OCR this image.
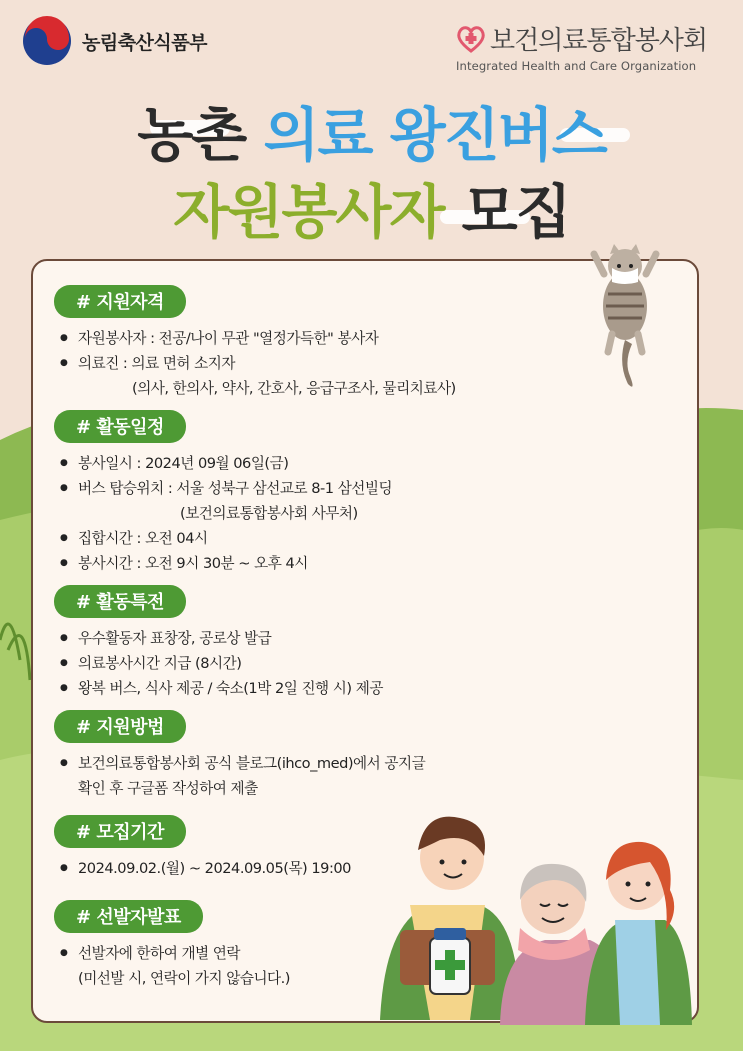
농림축산식품부	보건의료통합봉사회
Integrated Health and Care Organization
농촌 의료 왕진버스
자원봉사자 모집
# 지원자격
● 자원봉사자 : 전공/나이 무관 "열정가득한" 봉사자
● 의료진 : 의료 면허 소지자
(의사, 한의사, 약사, 간호사, 응급구조사, 물리치료사)
# 활동일정
● 봉사일시 : 2024년 09월 06일(금)
● 버스 탑승위치 : 서울 성북구 삼선교로 8-1 삼선빌딩
(보건의료통합봉사회 사무처)
● 집합시간 : 오전 04시
● 봉사시간 : 오전 9시 30분 ~ 오후 4시
# 활동특전
● 우수활동자 표창장, 공로상 발급
● 의료봉사시간 지급 (8시간)
● 왕복 버스, 식사 제공 / 숙소(1박 2일 진행 시) 제공
# 지원방법
● 보건의료통합봉사회 공식 블로그(ihco_med)에서 공지글
확인 후 구글폼 작성하여 제출
# 모집기간
● 2024.09.02.(월) ~ 2024.09.05(목) 19:00
# 선발자발표
● 선발자에 한하여 개별 연락
(미선발 시, 연락이 가지 않습니다.)
